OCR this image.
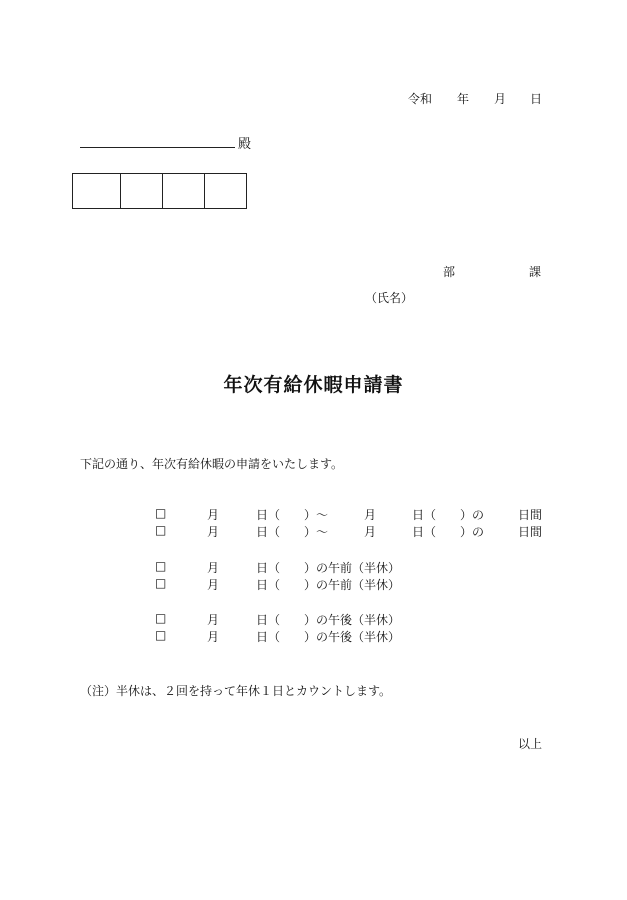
令和 年 月 日
殿
部	課
（氏名）
年次有給休暇申請書
下記の通り、年次有給休暇の申請をいたします。
□	月	日（　　）～	月	日（　　）の	日間
□	月	日（　　）～	月	日（　　）の	日間
□	月	日（　　）の午前（半休）
□	月	日（　　）の午前（半休）
□	月	日（　　）の午後（半休）
□	月	日（　　）の午後（半休）
（注）半休は、２回を持って年休１日とカウントします。
以上
